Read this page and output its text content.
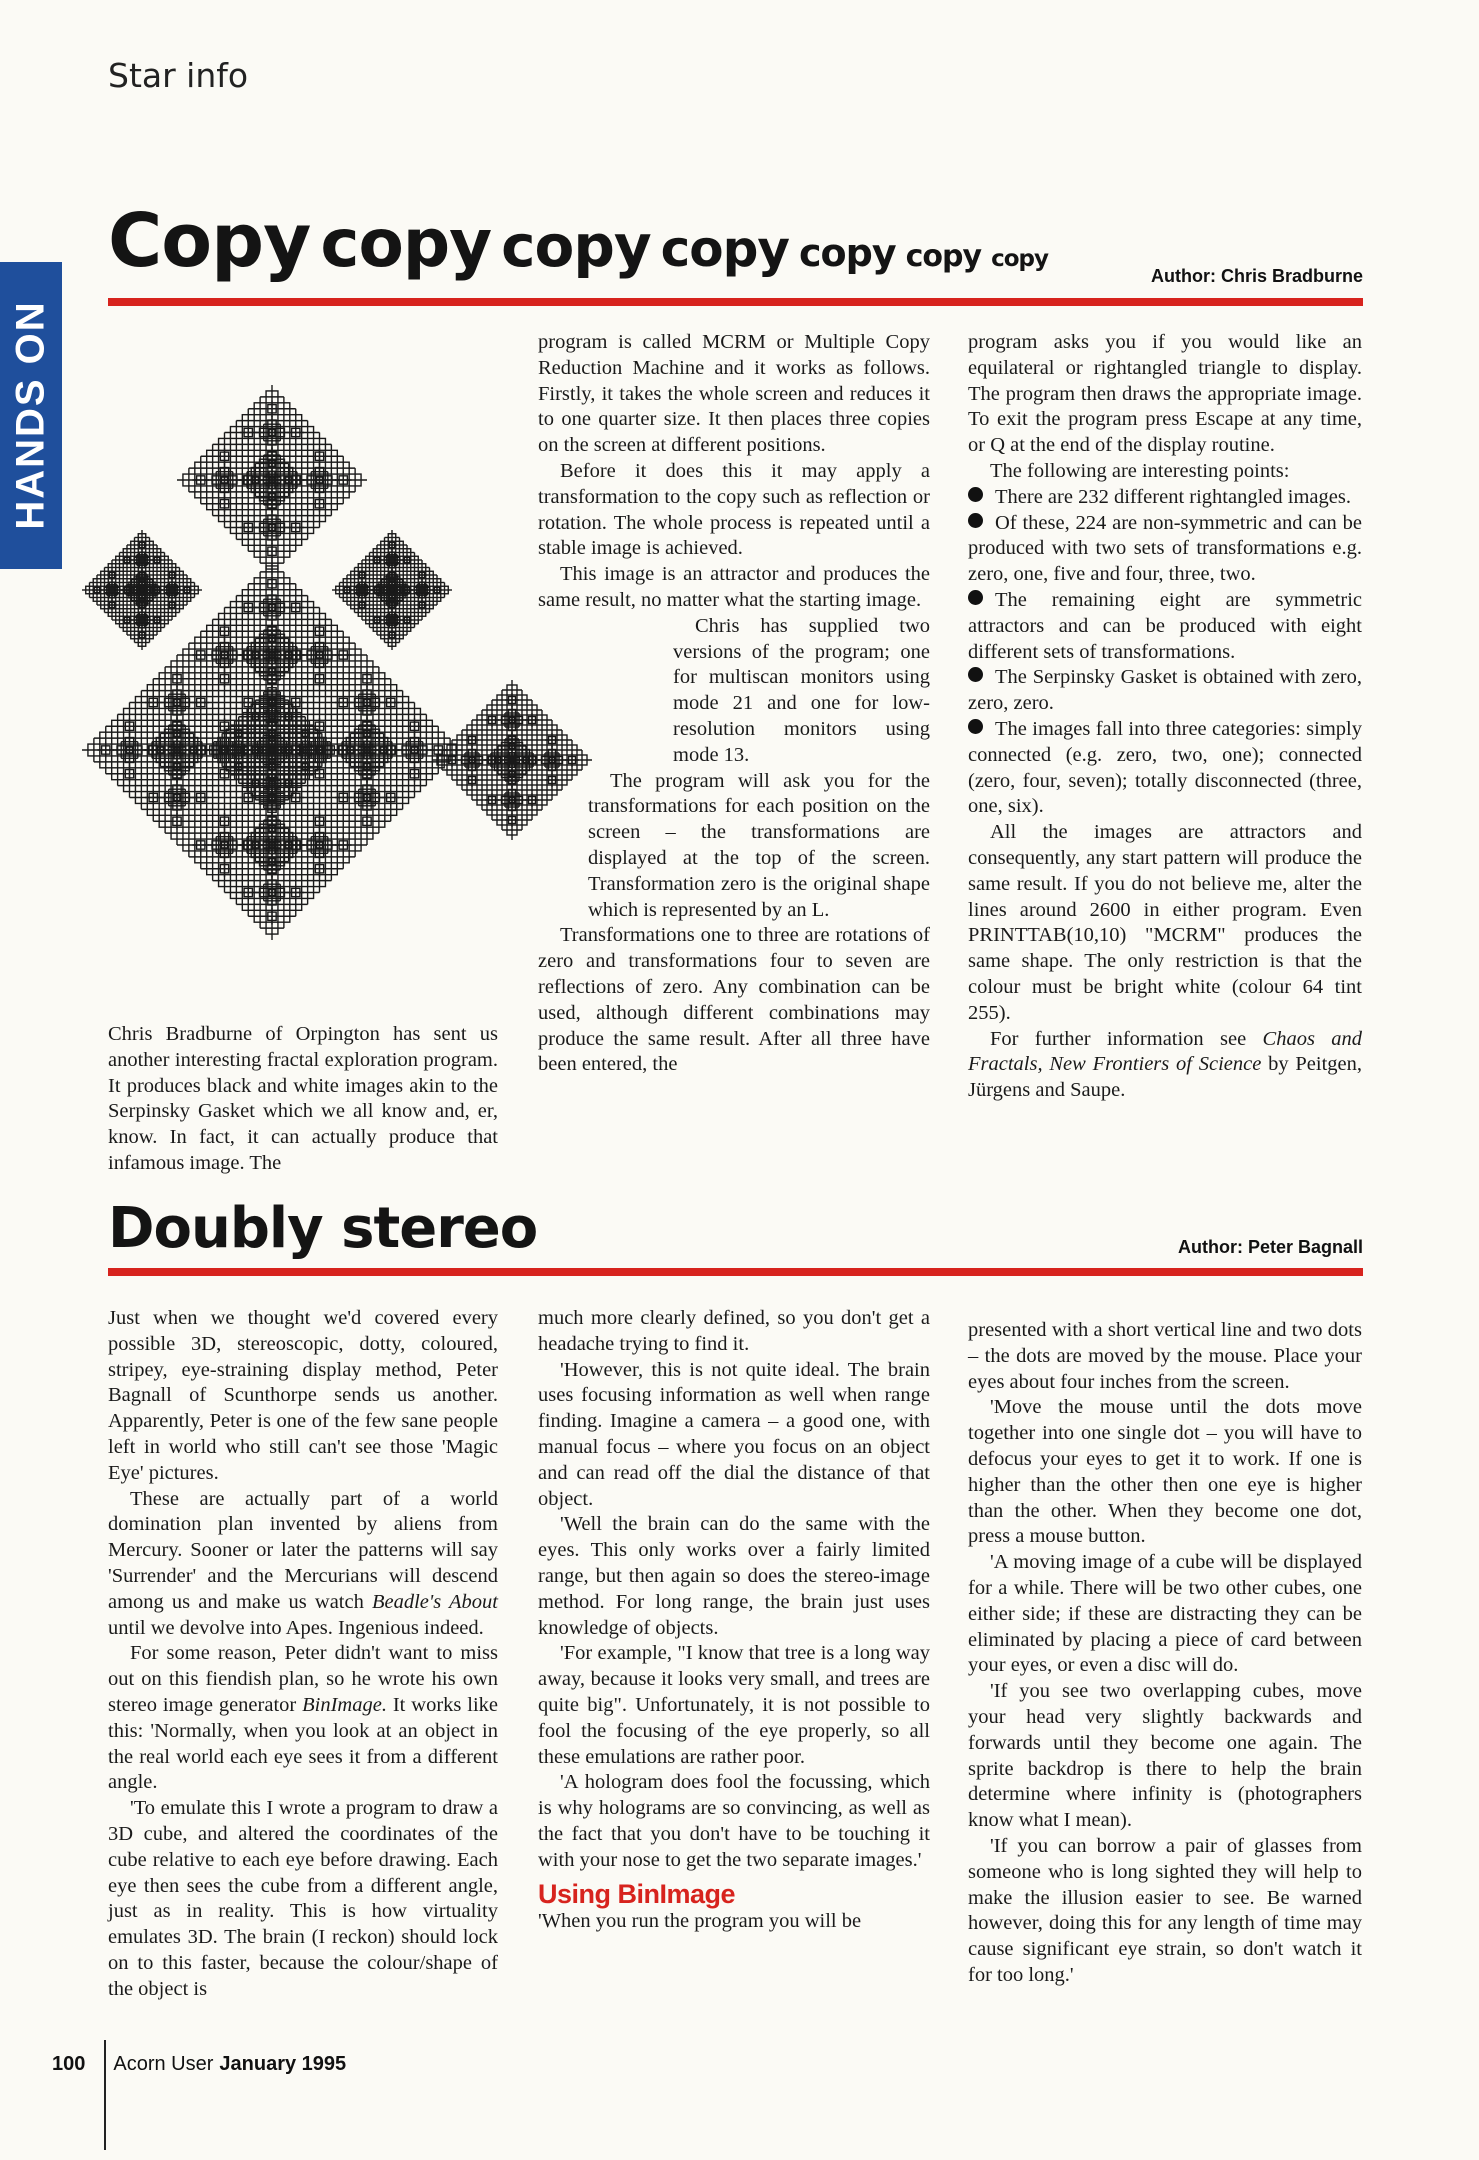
HANDS ON
Star info
Copy copy copy copy copy copy copy
Author: Chris Bradburne

Chris Bradburne of Orpington has sent us another interesting fractal exploration program. It produces black and white images akin to the Serpinsky Gasket which we all know and, er, know. In fact, it can actually produce that infamous image. The

program is called MCRM or Multiple Copy Reduction Machine and it works as follows. Firstly, it takes the whole screen and reduces it to one quarter size. It then places three copies on the screen at different positions.

Before it does this it may apply a transformation to the copy such as reflection or rotation. The whole process is repeated until a stable image is achieved.

This image is an attractor and produces the same result, no matter what the starting image.

Chris has supplied two versions of the program; one for multiscan monitors using mode 21 and one for low-resolution monitors using mode 13.

The program will ask you for the transformations for each position on the screen – the transformations are displayed at the top of the screen. Transformation zero is the original shape which is represented by an L.

Transformations one to three are rotations of zero and transformations four to seven are reflections of zero. Any combination can be used, although different combinations may produce the same result. After all three have been entered, the

program asks you if you would like an equilateral or rightangled triangle to display. The program then draws the appropriate image. To exit the program press Escape at any time, or Q at the end of the display routine.

The following are interesting points:

There are 232 different rightangled images.

Of these, 224 are non-symmetric and can be produced with two sets of transformations e.g. zero, one, five and four, three, two.

The remaining eight are symmetric attractors and can be produced with eight different sets of transformations.

The Serpinsky Gasket is obtained with zero, zero, zero.

The images fall into three categories: simply connected (e.g. zero, two, one); connected (zero, four, seven); totally disconnected (three, one, six).

All the images are attractors and consequently, any start pattern will produce the same result. If you do not believe me, alter the lines around 2600 in either program. Even PRINTTAB(10,10) "MCRM" produces the same shape. The only restriction is that the colour must be bright white (colour 64 tint 255).

For further information see Chaos and Fractals, New Frontiers of Science by Peitgen, Jürgens and Saupe.

Doubly stereo	Author: Peter Bagnall

Just when we thought we'd covered every possible 3D, stereoscopic, dotty, coloured, stripey, eye-straining display method, Peter Bagnall of Scunthorpe sends us another. Apparently, Peter is one of the few sane people left in world who still can't see those 'Magic Eye' pictures.

These are actually part of a world domination plan invented by aliens from Mercury. Sooner or later the patterns will say 'Surrender' and the Mercurians will descend among us and make us watch Beadle's About until we devolve into Apes. Ingenious indeed.

For some reason, Peter didn't want to miss out on this fiendish plan, so he wrote his own stereo image generator BinImage. It works like this: 'Normally, when you look at an object in the real world each eye sees it from a different angle.

'To emulate this I wrote a program to draw a 3D cube, and altered the coordinates of the cube relative to each eye before drawing. Each eye then sees the cube from a different angle, just as in reality. This is how virtuality emulates 3D. The brain (I reckon) should lock on to this faster, because the colour/shape of the object is

much more clearly defined, so you don't get a headache trying to find it.

'However, this is not quite ideal. The brain uses focusing information as well when range finding. Imagine a camera – a good one, with manual focus – where you focus on an object and can read off the dial the distance of that object.

'Well the brain can do the same with the eyes. This only works over a fairly limited range, but then again so does the stereo-image method. For long range, the brain just uses knowledge of objects.

'For example, "I know that tree is a long way away, because it looks very small, and trees are quite big". Unfortunately, it is not possible to fool the focusing of the eye properly, so all these emulations are rather poor.

'A hologram does fool the focussing, which is why holograms are so convincing, as well as the fact that you don't have to be touching it with your nose to get the two separate images.'

Using BinImage

'When you run the program you will be

presented with a short vertical line and two dots – the dots are moved by the mouse. Place your eyes about four inches from the screen.

'Move the mouse until the dots move together into one single dot – you will have to defocus your eyes to get it to work. If one is higher than the other then one eye is higher than the other. When they become one dot, press a mouse button.

'A moving image of a cube will be displayed for a while. There will be two other cubes, one either side; if these are distracting they can be eliminated by placing a piece of card between your eyes, or even a disc will do.

'If you see two overlapping cubes, move your head very slightly backwards and forwards until they become one again. The sprite backdrop is there to help the brain determine where infinity is (photographers know what I mean).

'If you can borrow a pair of glasses from someone who is long sighted they will help to make the illusion easier to see. Be warned however, doing this for any length of time may cause significant eye strain, so don't watch it for too long.'

100 Acorn User January 1995
